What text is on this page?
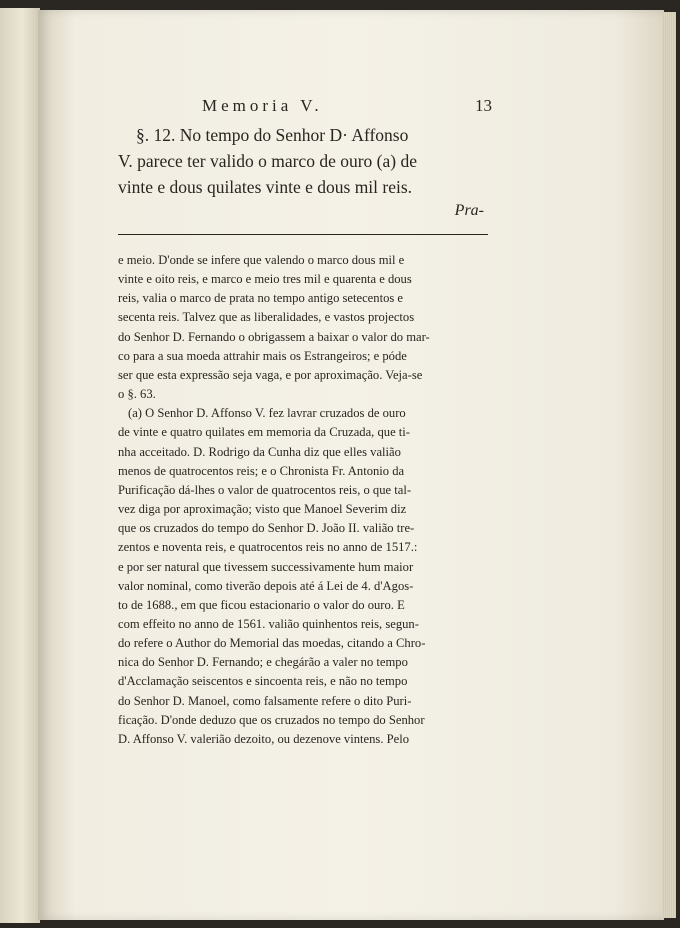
Memoria V.	13
§. 12. No tempo do Senhor D· Affonso
V. parece ter valido o marco de ouro (a) de
vinte e dous quilates vinte e dous mil reis.
Pra-
e meio. D'onde se infere que valendo o marco dous mil e
vinte e oito reis, e marco e meio tres mil e quarenta e dous
reis, valia o marco de prata no tempo antigo setecentos e
secenta reis. Talvez que as liberalidades, e vastos projectos
do Senhor D. Fernando o obrigassem a baixar o valor do mar-
co para a sua moeda attrahir mais os Estrangeiros; e póde
ser que esta expressão seja vaga, e por aproximação. Veja-se
o §. 63.
(a) O Senhor D. Affonso V. fez lavrar cruzados de ouro
de vinte e quatro quilates em memoria da Cruzada, que ti-
nha acceitado. D. Rodrigo da Cunha diz que elles valião
menos de quatrocentos reis; e o Chronista Fr. Antonio da
Purificação dá-lhes o valor de quatrocentos reis, o que tal-
vez diga por aproximação; visto que Manoel Severim diz
que os cruzados do tempo do Senhor D. João II. valião tre-
zentos e noventa reis, e quatrocentos reis no anno de 1517.:
e por ser natural que tivessem successivamente hum maior
valor nominal, como tiverão depois até á Lei de 4. d'Agos-
to de 1688., em que ficou estacionario o valor do ouro. E
com effeito no anno de 1561. valião quinhentos reis, segun-
do refere o Author do Memorial das moedas, citando a Chro-
nica do Senhor D. Fernando; e chegárão a valer no tempo
d'Acclamação seiscentos e sincoenta reis, e não no tempo
do Senhor D. Manoel, como falsamente refere o dito Puri-
ficação. D'onde deduzo que os cruzados no tempo do Senhor
D. Affonso V. valerião dezoito, ou dezenove vintens. Pelo
